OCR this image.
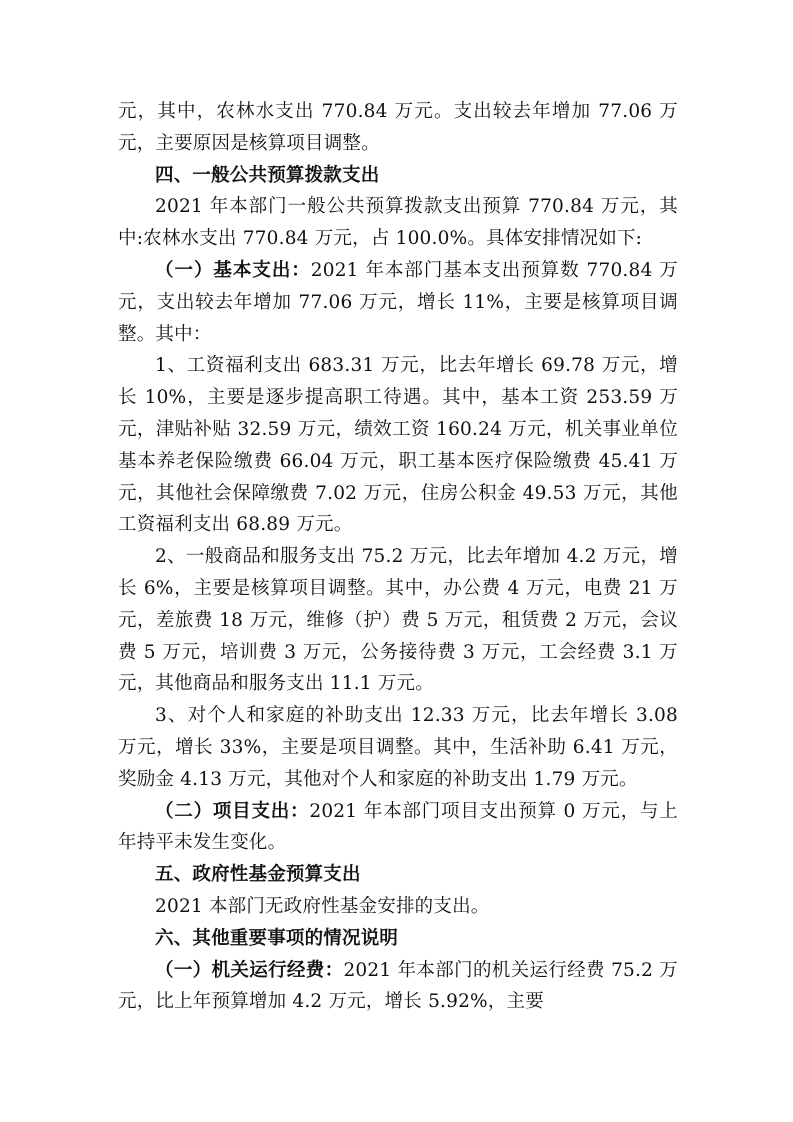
元，其中，农林水支出 770.84 万元。支出较去年增加 77.06 万元，主要原因是核算项目调整。

四、一般公共预算拨款支出

2021 年本部门一般公共预算拨款支出预算 770.84 万元，其中:农林水支出 770.84 万元，占 100.0%。具体安排情况如下:

（一）基本支出：2021 年本部门基本支出预算数 770.84 万元，支出较去年增加 77.06 万元，增长 11%，主要是核算项目调整。其中：

1、工资福利支出 683.31 万元，比去年增长 69.78 万元，增长 10%，主要是逐步提高职工待遇。其中，基本工资 253.59 万元，津贴补贴 32.59 万元，绩效工资 160.24 万元，机关事业单位基本养老保险缴费 66.04 万元，职工基本医疗保险缴费 45.41 万元，其他社会保障缴费 7.02 万元，住房公积金 49.53 万元，其他工资福利支出 68.89 万元。

2、一般商品和服务支出 75.2 万元，比去年增加 4.2 万元，增长 6%，主要是核算项目调整。其中，办公费 4 万元，电费 21 万元，差旅费 18 万元，维修（护）费 5 万元，租赁费 2 万元，会议费 5 万元，培训费 3 万元，公务接待费 3 万元，工会经费 3.1 万元，其他商品和服务支出 11.1 万元。

3、对个人和家庭的补助支出 12.33 万元，比去年增长 3.08 万元，增长 33%，主要是项目调整。其中，生活补助 6.41 万元，奖励金 4.13 万元，其他对个人和家庭的补助支出 1.79 万元。

（二）项目支出：2021 年本部门项目支出预算 0 万元，与上年持平未发生变化。

五、政府性基金预算支出

2021 本部门无政府性基金安排的支出。

六、其他重要事项的情况说明

（一）机关运行经费：2021 年本部门的机关运行经费 75.2 万元，比上年预算增加 4.2 万元，增长 5.92%，主要
